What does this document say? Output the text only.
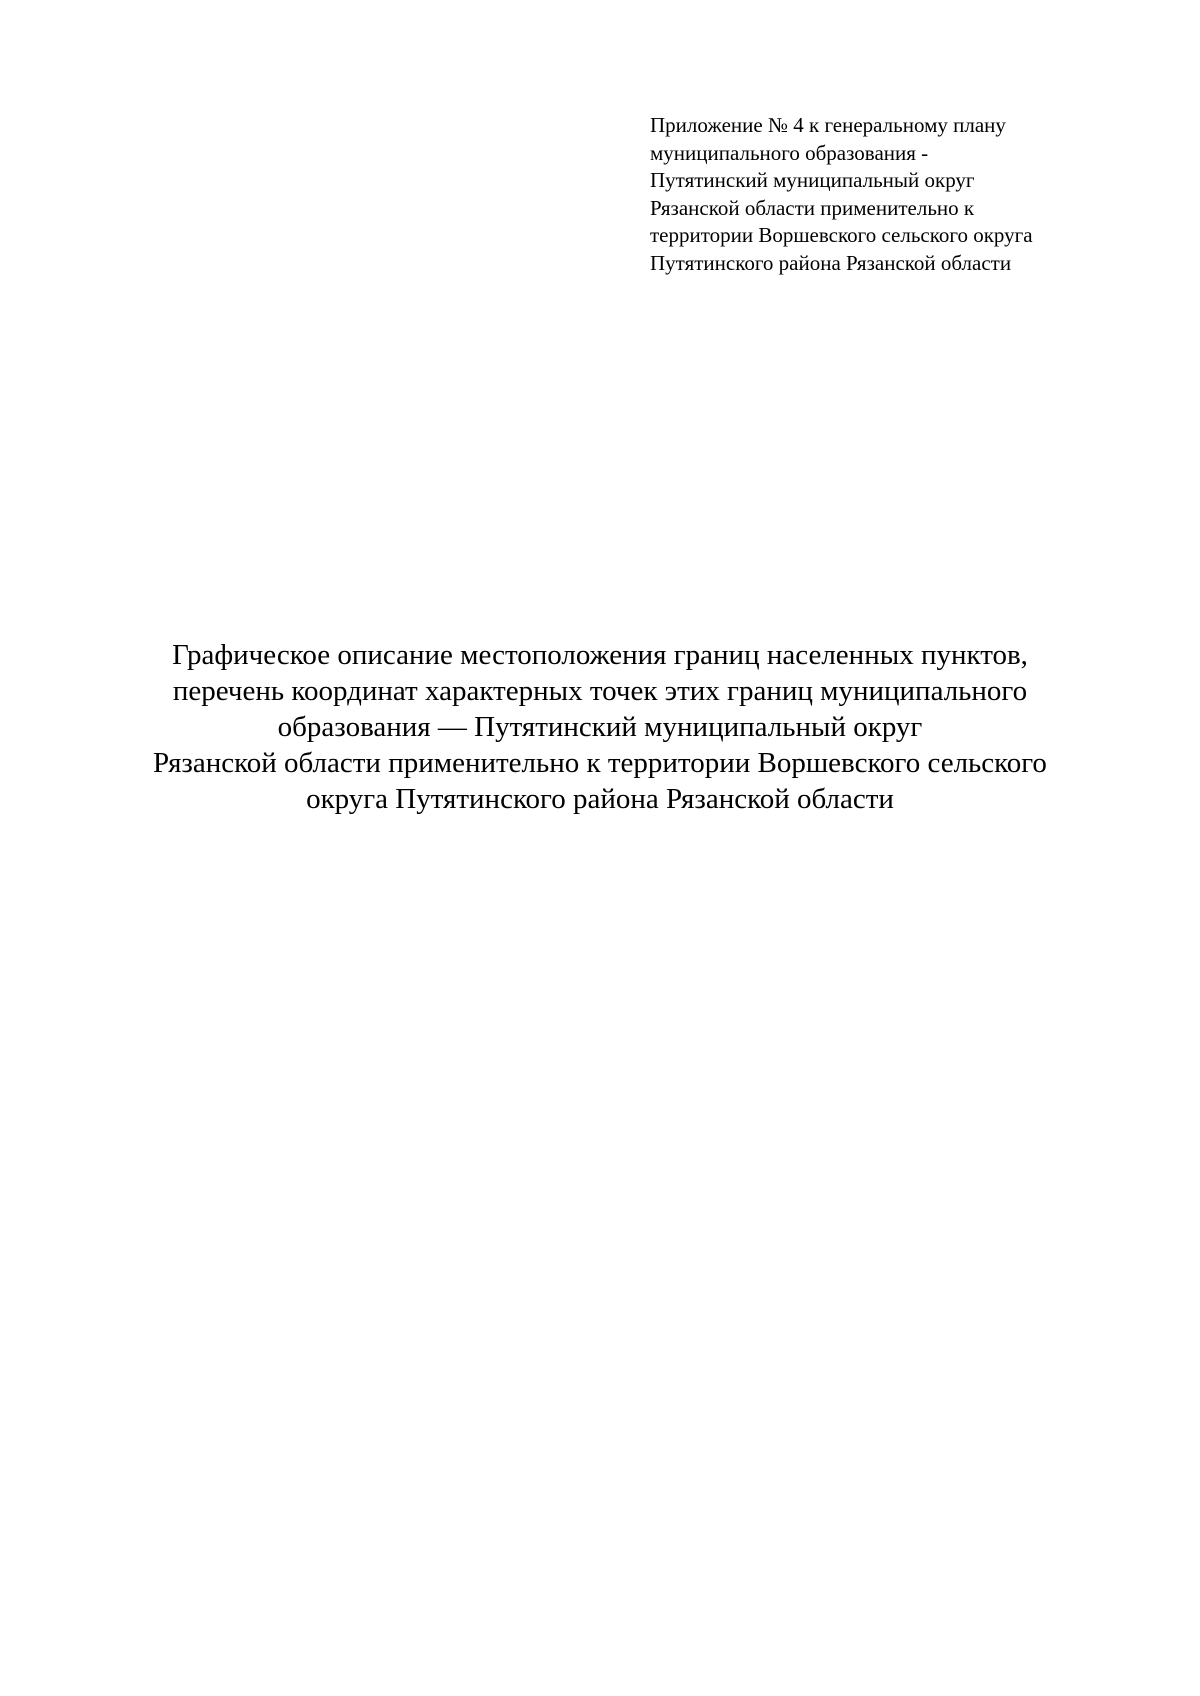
Приложение № 4 к генеральному плану
муниципального образования -
Путятинский муниципальный округ
Рязанской области применительно к
территории Воршевского сельского округа
Путятинского района Рязанской области
Графическое описание местоположения границ населенных пунктов,
перечень координат характерных точек этих границ муниципального
образования — Путятинский муниципальный округ
Рязанской области применительно к территории Воршевского сельского
округа Путятинского района Рязанской области
